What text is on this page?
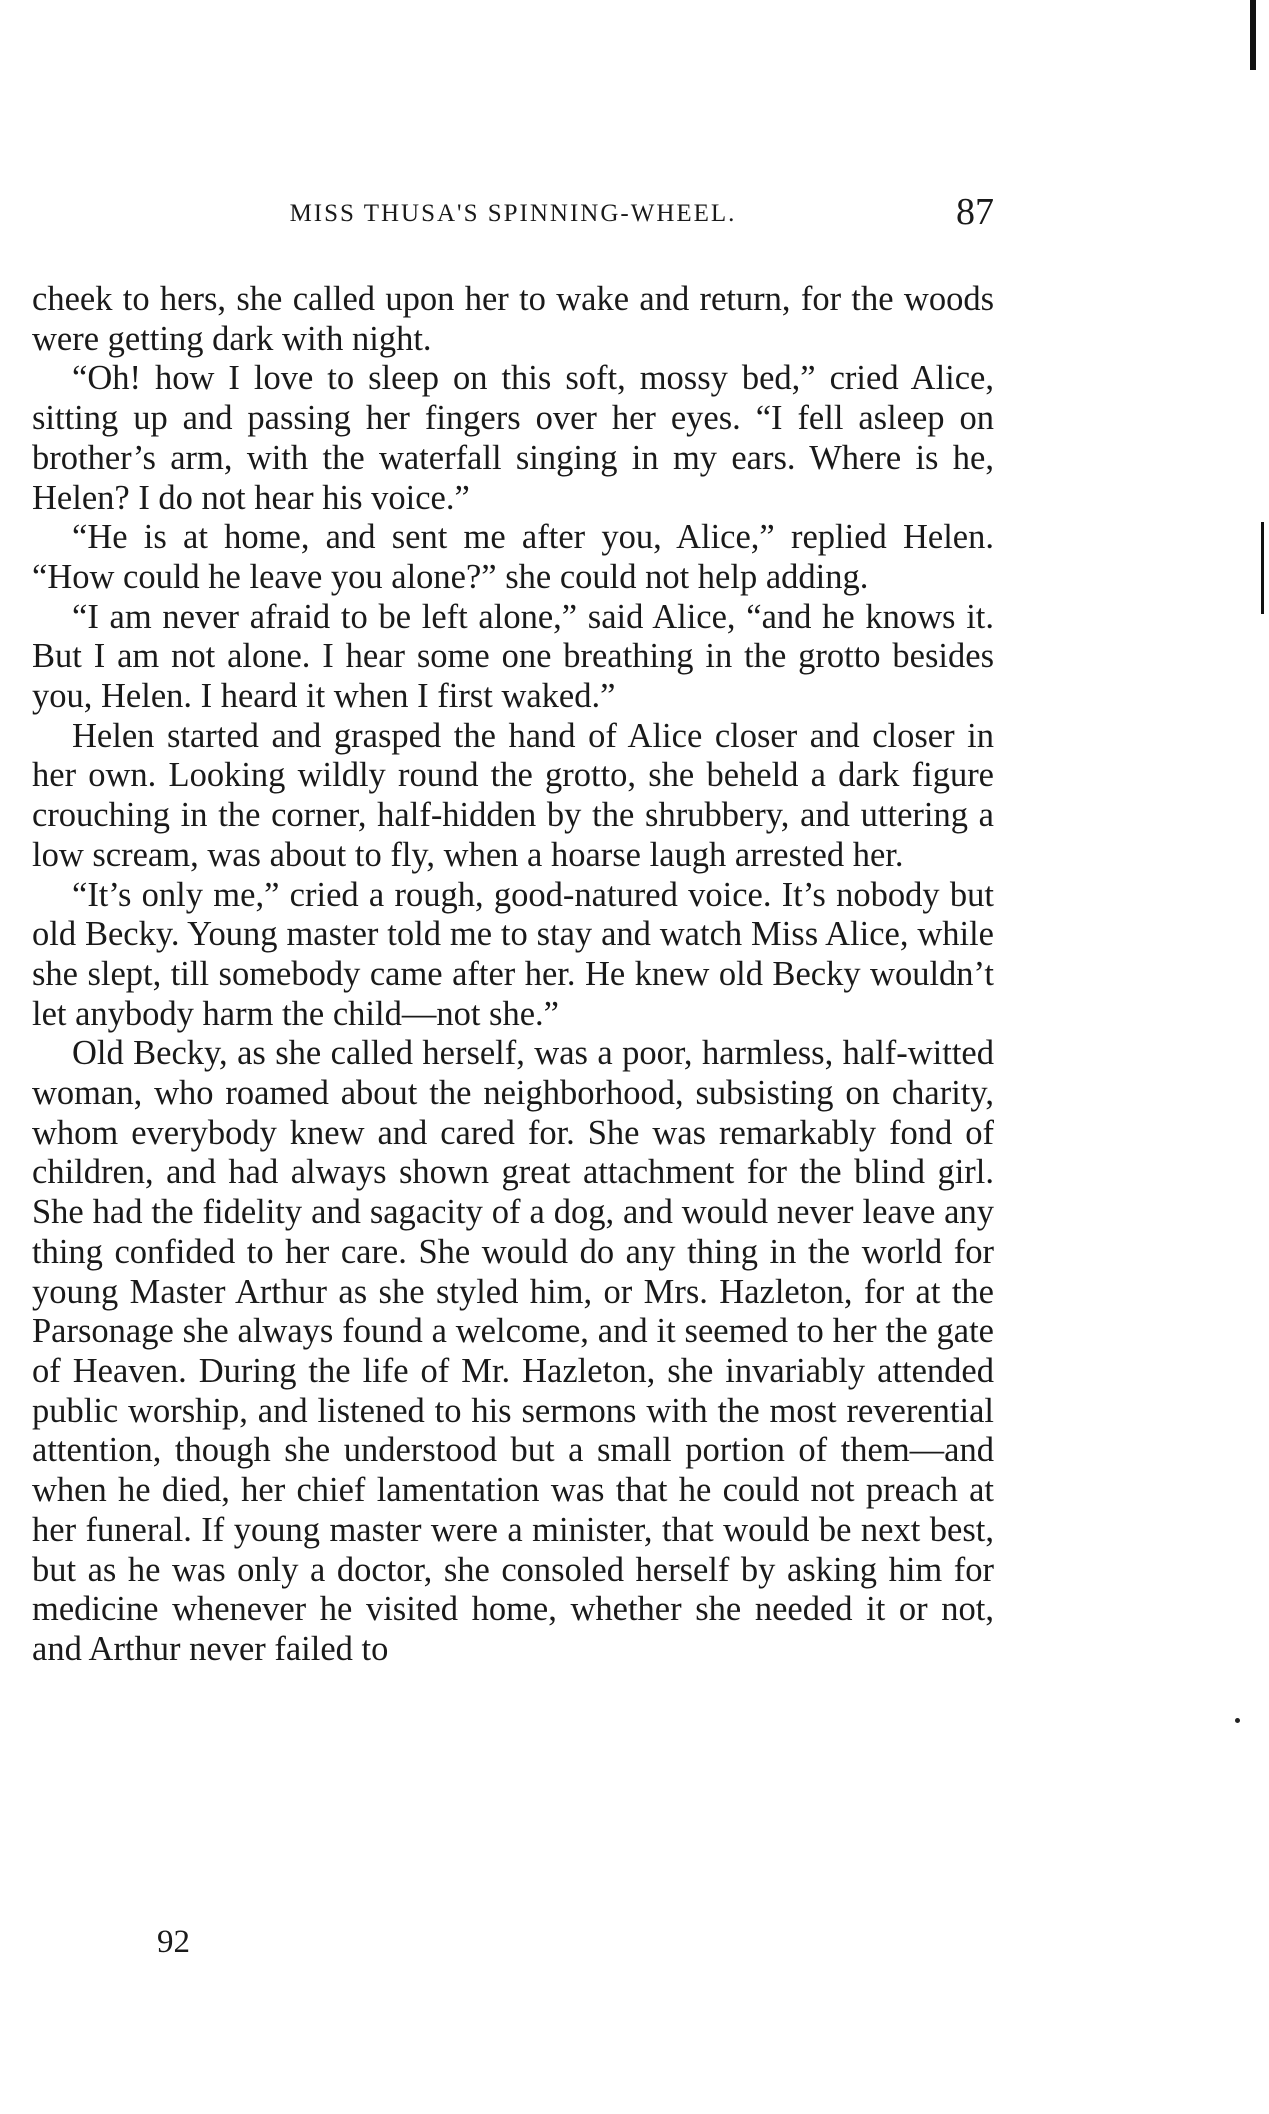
MISS THUSA'S SPINNING-WHEEL.	87

cheek to hers, she called upon her to wake and return, for the woods were getting dark with night.

“Oh! how I love to sleep on this soft, mossy bed,” cried Alice, sitting up and passing her fingers over her eyes. “I fell asleep on brother’s arm, with the waterfall singing in my ears. Where is he, Helen? I do not hear his voice.”

“He is at home, and sent me after you, Alice,” replied Helen. “How could he leave you alone?” she could not help adding.

“I am never afraid to be left alone,” said Alice, “and he knows it. But I am not alone. I hear some one breathing in the grotto besides you, Helen. I heard it when I first waked.”

Helen started and grasped the hand of Alice closer and closer in her own. Looking wildly round the grotto, she beheld a dark figure crouching in the corner, half-hidden by the shrubbery, and uttering a low scream, was about to fly, when a hoarse laugh arrested her.

“It’s only me,” cried a rough, good-natured voice. It’s nobody but old Becky. Young master told me to stay and watch Miss Alice, while she slept, till somebody came after her. He knew old Becky wouldn’t let anybody harm the child—not she.”

Old Becky, as she called herself, was a poor, harmless, half-witted woman, who roamed about the neighborhood, subsisting on charity, whom everybody knew and cared for. She was remarkably fond of children, and had always shown great attachment for the blind girl. She had the fidelity and sagacity of a dog, and would never leave any thing confided to her care. She would do any thing in the world for young Master Arthur as she styled him, or Mrs. Hazleton, for at the Parsonage she always found a welcome, and it seemed to her the gate of Heaven. During the life of Mr. Hazleton, she invariably attended public worship, and listened to his sermons with the most reverential attention, though she understood but a small portion of them—and when he died, her chief lamentation was that he could not preach at her funeral. If young master were a minister, that would be next best, but as he was only a doctor, she consoled herself by asking him for medicine whenever he visited home, whether she needed it or not, and Arthur never failed to

92
